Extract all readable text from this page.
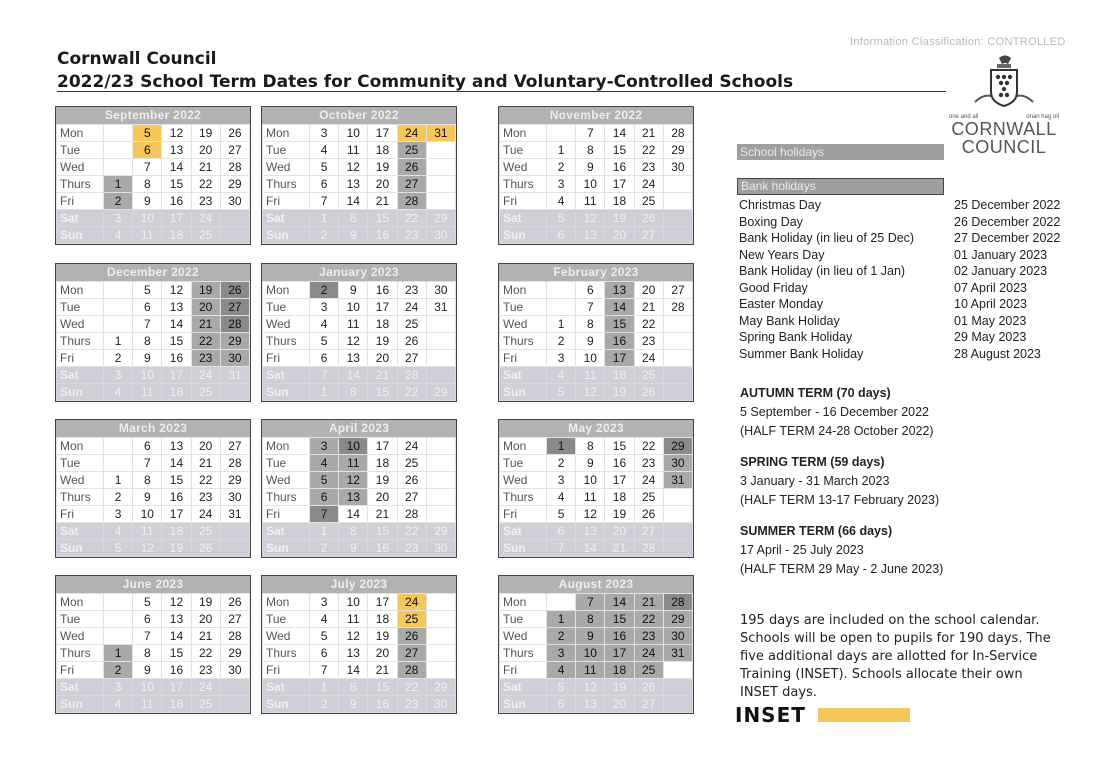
Information Classification: CONTROLLED
Cornwall Council
2022/23 School Term Dates for Community and Voluntary-Controlled Schools
one and all	onan hag oll
CORNWALL
COUNCIL
September 2022
Mon		5	12	19	26
Tue		6	13	20	27
Wed		7	14	21	28
Thurs	1	8	15	22	29
Fri	2	9	16	23	30
Sat	3	10	17	24	
Sun	4	11	18	25	
October 2022
Mon	3	10	17	24	31
Tue	4	11	18	25	
Wed	5	12	19	26	
Thurs	6	13	20	27	
Fri	7	14	21	28	
Sat	1	8	15	22	29
Sun	2	9	16	23	30
November 2022
Mon		7	14	21	28
Tue	1	8	15	22	29
Wed	2	9	16	23	30
Thurs	3	10	17	24	
Fri	4	11	18	25	
Sat	5	12	19	26	
Sun	6	13	20	27	
December 2022
Mon		5	12	19	26
Tue		6	13	20	27
Wed		7	14	21	28
Thurs	1	8	15	22	29
Fri	2	9	16	23	30
Sat	3	10	17	24	31
Sun	4	11	18	25	
January 2023
Mon	2	9	16	23	30
Tue	3	10	17	24	31
Wed	4	11	18	25	
Thurs	5	12	19	26	
Fri	6	13	20	27	
Sat	7	14	21	28	
Sun	1	8	15	22	29
February 2023
Mon		6	13	20	27
Tue		7	14	21	28
Wed	1	8	15	22	
Thurs	2	9	16	23	
Fri	3	10	17	24	
Sat	4	11	18	25	
Sun	5	12	19	26	
March 2023
Mon		6	13	20	27
Tue		7	14	21	28
Wed	1	8	15	22	29
Thurs	2	9	16	23	30
Fri	3	10	17	24	31
Sat	4	11	18	25	
Sun	5	12	19	26	
April 2023
Mon	3	10	17	24	
Tue	4	11	18	25	
Wed	5	12	19	26	
Thurs	6	13	20	27	
Fri	7	14	21	28	
Sat	1	8	15	22	29
Sun	2	9	16	23	30
May 2023
Mon	1	8	15	22	29
Tue	2	9	16	23	30
Wed	3	10	17	24	31
Thurs	4	11	18	25	
Fri	5	12	19	26	
Sat	6	13	20	27	
Sun	7	14	21	28	
June 2023
Mon		5	12	19	26
Tue		6	13	20	27
Wed		7	14	21	28
Thurs	1	8	15	22	29
Fri	2	9	16	23	30
Sat	3	10	17	24	
Sun	4	11	18	25	
July 2023
Mon	3	10	17	24	
Tue	4	11	18	25	
Wed	5	12	19	26	
Thurs	6	13	20	27	
Fri	7	14	21	28	
Sat	1	8	15	22	29
Sun	2	9	16	23	30
August 2023
Mon		7	14	21	28
Tue	1	8	15	22	29
Wed	2	9	16	23	30
Thurs	3	10	17	24	31
Fri	4	11	18	25	
Sat	5	12	19	26	
Sun	6	13	20	27	
School holidays
Bank holidays
Christmas Day	25 December 2022
Boxing Day	26 December 2022
Bank Holiday (in lieu of 25 Dec)	27 December 2022
New Years Day	01 January 2023
Bank Holiday (in lieu of 1 Jan)	02 January 2023
Good Friday	07 April 2023
Easter Monday	10 April 2023
May Bank Holiday	01 May 2023
Spring Bank Holiday	29 May 2023
Summer Bank Holiday	28 August 2023
AUTUMN TERM (70 days)
5 September - 16 December 2022
(HALF TERM 24-28 October 2022)
SPRING TERM (59 days)
3 January - 31 March 2023
(HALF TERM 13-17 February 2023)
SUMMER TERM (66 days)
17 April - 25 July 2023
(HALF TERM 29 May - 2 June 2023)
195 days are included on the school calendar. Schools will be open to pupils for 190 days. The five additional days are allotted for In-Service Training (INSET). Schools allocate their own INSET days.
INSET
